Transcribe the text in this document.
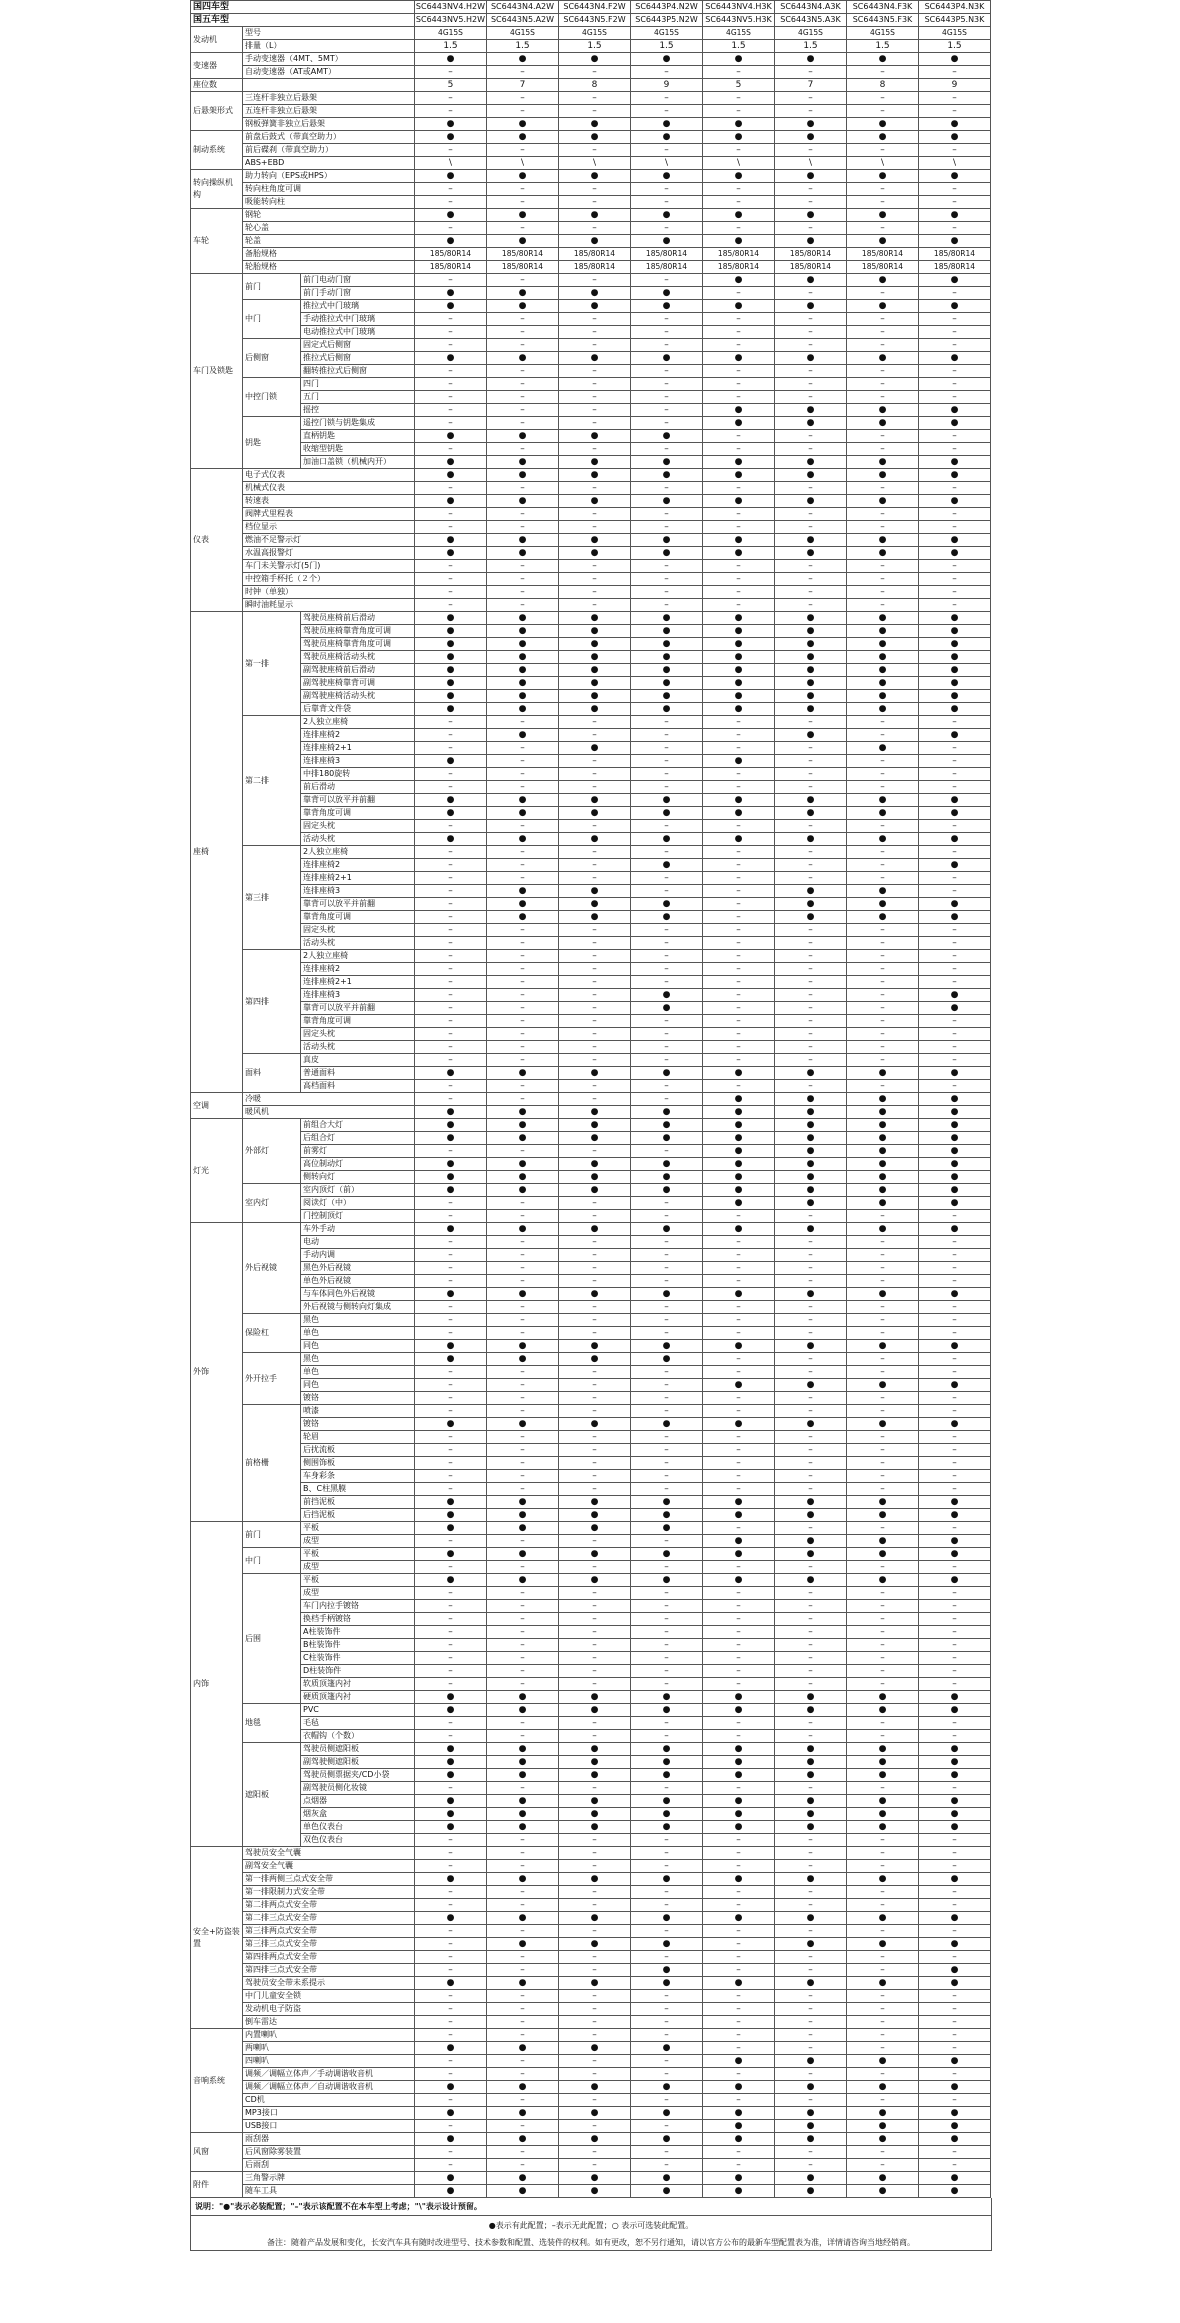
国四车型			SC6443NV4.H2W	SC6443N4.A2W	SC6443N4.F2W	SC6443P4.N2W	SC6443NV4.H3K	SC6443N4.A3K	SC6443N4.F3K	SC6443P4.N3K
国五车型			SC6443NV5.H2W	SC6443N5.A2W	SC6443N5.F2W	SC6443P5.N2W	SC6443NV5.H3K	SC6443N5.A3K	SC6443N5.F3K	SC6443P5.N3K
发动机	型号		4G15S	4G15S	4G15S	4G15S	4G15S	4G15S	4G15S	4G15S
	排量（L）		1.5	1.5	1.5	1.5	1.5	1.5	1.5	1.5
变速器	手动变速器（4MT、5MT）		●	●	●	●	●	●	●	●
	自动变速器（AT或AMT）		–	–	–	–	–	–	–	–
座位数			5	7	8	9	5	7	8	9
后悬架形式	三连杆非独立后悬架		–	–	–	–	–	–	–	–
	五连杆非独立后悬架		–	–	–	–	–	–	–	–
	钢板弹簧非独立后悬架		●	●	●	●	●	●	●	●
制动系统	前盘后鼓式（带真空助力）		●	●	●	●	●	●	●	●
	前后碟刹（带真空助力）		–	–	–	–	–	–	–	–
	ABS+EBD		\	\	\	\	\	\	\	\
转向操纵机构	助力转向（EPS或HPS）		●	●	●	●	●	●	●	●
	转向柱角度可调		–	–	–	–	–	–	–	–
	吸能转向柱		–	–	–	–	–	–	–	–
车轮	钢轮		●	●	●	●	●	●	●	●
	轮心盖		–	–	–	–	–	–	–	–
	轮盖		●	●	●	●	●	●	●	●
	备胎规格		185/80R14	185/80R14	185/80R14	185/80R14	185/80R14	185/80R14	185/80R14	185/80R14
	轮胎规格		185/80R14	185/80R14	185/80R14	185/80R14	185/80R14	185/80R14	185/80R14	185/80R14
车门及锁匙	前门	前门电动门窗	–	–	–	–	●	●	●	●
		前门手动门窗	●	●	●	●	–	–	–	–
	中门	推拉式中门玻璃	●	●	●	●	●	●	●	●
		手动推拉式中门玻璃	–	–	–	–	–	–	–	–
		电动推拉式中门玻璃	–	–	–	–	–	–	–	–
	后侧窗	固定式后侧窗	–	–	–	–	–	–	–	–
		推拉式后侧窗	●	●	●	●	●	●	●	●
		翻转推拉式后侧窗	–	–	–	–	–	–	–	–
	中控门锁	四门	–	–	–	–	–	–	–	–
		五门	–	–	–	–	–	–	–	–
		摇控	–	–	–	–	●	●	●	●
	钥匙	遥控门锁与钥匙集成	–	–	–	–	●	●	●	●
		直柄钥匙	●	●	●	●	–	–	–	–
		收缩型钥匙	–	–	–	–	–	–	–	–
		加油口盖锁（机械内开）	●	●	●	●	●	●	●	●
仪表	电子式仪表		●	●	●	●	●	●	●	●
	机械式仪表		–	–	–	–	–	–	–	–
	转速表		●	●	●	●	●	●	●	●
	阀牌式里程表		–	–	–	–	–	–	–	–
	档位显示		–	–	–	–	–	–	–	–
	燃油不足警示灯		●	●	●	●	●	●	●	●
	水温高报警灯		●	●	●	●	●	●	●	●
	车门未关警示灯(5门)		–	–	–	–	–	–	–	–
	中控箱手杯托（２个）		–	–	–	–	–	–	–	–
	时钟（单独）		–	–	–	–	–	–	–	–
	瞬时油耗显示		–	–	–	–	–	–	–	–
座椅	第一排	驾驶员座椅前后滑动	●	●	●	●	●	●	●	●
		驾驶员座椅靠背角度可调	●	●	●	●	●	●	●	●
		驾驶员座椅靠背角度可调	●	●	●	●	●	●	●	●
		驾驶员座椅活动头枕	●	●	●	●	●	●	●	●
		副驾驶座椅前后滑动	●	●	●	●	●	●	●	●
		副驾驶座椅靠背可调	●	●	●	●	●	●	●	●
		副驾驶座椅活动头枕	●	●	●	●	●	●	●	●
		后靠背文件袋	●	●	●	●	●	●	●	●
	第二排	2人独立座椅	–	–	–	–	–	–	–	–
		连排座椅2	–	●	–	–	–	●	–	●
		连排座椅2+1	–	–	●	–	–	–	●	–
		连排座椅3	●	–	–	–	●	–	–	–
		中排180旋转	–	–	–	–	–	–	–	–
		前后滑动	–	–	–	–	–	–	–	–
		靠背可以放平并前翻	●	●	●	●	●	●	●	●
		靠背角度可调	●	●	●	●	●	●	●	●
		固定头枕	–	–	–	–	–	–	–	–
		活动头枕	●	●	●	●	●	●	●	●
	第三排	2人独立座椅	–	–	–	–	–	–	–	–
		连排座椅2	–	–	–	●	–	–	–	●
		连排座椅2+1	–	–	–	–	–	–	–	–
		连排座椅3	–	●	●	–	–	●	●	–
		靠背可以放平并前翻	–	●	●	●	–	●	●	●
		靠背角度可调	–	●	●	●	–	●	●	●
		固定头枕	–	–	–	–	–	–	–	–
		活动头枕	–	–	–	–	–	–	–	–
	第四排	2人独立座椅	–	–	–	–	–	–	–	–
		连排座椅2	–	–	–	–	–	–	–	–
		连排座椅2+1	–	–	–	–	–	–	–	–
		连排座椅3	–	–	–	●	–	–	–	●
		靠背可以放平并前翻	–	–	–	●	–	–	–	●
		靠背角度可调	–	–	–	–	–	–	–	–
		固定头枕	–	–	–	–	–	–	–	–
		活动头枕	–	–	–	–	–	–	–	–
	面料	真皮	–	–	–	–	–	–	–	–
		普通面料	●	●	●	●	●	●	●	●
		高档面料	–	–	–	–	–	–	–	–
空调	冷暖		–	–	–	–	●	●	●	●
	暖风机		●	●	●	●	●	●	●	●
灯光	外部灯	前组合大灯	●	●	●	●	●	●	●	●
		后组合灯	●	●	●	●	●	●	●	●
		前雾灯	–	–	–	–	●	●	●	●
		高位制动灯	●	●	●	●	●	●	●	●
		侧转向灯	●	●	●	●	●	●	●	●
	室内灯	室内顶灯（前）	●	●	●	●	●	●	●	●
		阅读灯（中）	–	–	–	–	●	●	●	●
		门控制顶灯	–	–	–	–	–	–	–	–
外饰	外后视镜	车外手动	●	●	●	●	●	●	●	●
		电动	–	–	–	–	–	–	–	–
		手动内调	–	–	–	–	–	–	–	–
		黑色外后视镜	–	–	–	–	–	–	–	–
		单色外后视镜	–	–	–	–	–	–	–	–
		与车体同色外后视镜	●	●	●	●	●	●	●	●
		外后视镜与侧转向灯集成	–	–	–	–	–	–	–	–
	保险杠	黑色	–	–	–	–	–	–	–	–
		单色	–	–	–	–	–	–	–	–
		同色	●	●	●	●	●	●	●	●
	外开拉手	黑色	●	●	●	●	–	–	–	–
		单色	–	–	–	–	–	–	–	–
		同色	–	–	–	–	●	●	●	●
		镀铬	–	–	–	–	–	–	–	–
	前格栅	喷漆	–	–	–	–	–	–	–	–
		镀铬	●	●	●	●	●	●	●	●
		轮眉	–	–	–	–	–	–	–	–
		后扰流板	–	–	–	–	–	–	–	–
		侧围饰板	–	–	–	–	–	–	–	–
		车身彩条	–	–	–	–	–	–	–	–
		B、C柱黑膜	–	–	–	–	–	–	–	–
		前挡泥板	●	●	●	●	●	●	●	●
		后挡泥板	●	●	●	●	●	●	●	●
内饰	前门	平板	●	●	●	●	–	–	–	–
		成型	–	–	–	–	●	●	●	●
	中门	平板	●	●	●	●	●	●	●	●
		成型	–	–	–	–	–	–	–	–
	后围	平板	●	●	●	●	●	●	●	●
		成型	–	–	–	–	–	–	–	–
		车门内拉手镀铬	–	–	–	–	–	–	–	–
		换档手柄镀铬	–	–	–	–	–	–	–	–
		A柱装饰件	–	–	–	–	–	–	–	–
		B柱装饰件	–	–	–	–	–	–	–	–
		C柱装饰件	–	–	–	–	–	–	–	–
		D柱装饰件	–	–	–	–	–	–	–	–
		软质顶篷内衬	–	–	–	–	–	–	–	–
		硬质顶篷内衬	●	●	●	●	●	●	●	●
	地毯	PVC	●	●	●	●	●	●	●	●
		毛毡	–	–	–	–	–	–	–	–
		衣帽钩（个数）	–	–	–	–	–	–	–	–
	遮阳板	驾驶员侧遮阳板	●	●	●	●	●	●	●	●
		副驾驶侧遮阳板	●	●	●	●	●	●	●	●
		驾驶员侧票据夹/CD小袋	●	●	●	●	●	●	●	●
		副驾驶员侧化妆镜	–	–	–	–	–	–	–	–
		点烟器	●	●	●	●	●	●	●	●
		烟灰盒	●	●	●	●	●	●	●	●
		单色仪表台	●	●	●	●	●	●	●	●
		双色仪表台	–	–	–	–	–	–	–	–
安全+防盗装置	驾驶员安全气囊		–	–	–	–	–	–	–	–
	副驾安全气囊		–	–	–	–	–	–	–	–
	第一排两侧三点式安全带		●	●	●	●	●	●	●	●
	第一排限制力式安全带		–	–	–	–	–	–	–	–
	第二排两点式安全带		–	–	–	–	–	–	–	–
	第二排三点式安全带		●	●	●	●	●	●	●	●
	第三排两点式安全带		–	–	–	–	–	–	–	–
	第三排三点式安全带		–	●	●	●	–	●	●	●
	第四排两点式安全带		–	–	–	–	–	–	–	–
	第四排三点式安全带		–	–	–	●	–	–	–	●
	驾驶员安全带未系提示		●	●	●	●	●	●	●	●
	中门儿童安全锁		–	–	–	–	–	–	–	–
	发动机电子防盗		–	–	–	–	–	–	–	–
	倒车雷达		–	–	–	–	–	–	–	–
音响系统	内置喇叭		–	–	–	–	–	–	–	–
	两喇叭		●	●	●	●	–	–	–	–
	四喇叭		–	–	–	–	●	●	●	●
	调频／调幅立体声／手动调谐收音机		–	–	–	–	–	–	–	–
	调频／调幅立体声／自动调谐收音机		●	●	●	●	●	●	●	●
	CD机		–	–	–	–	–	–	–	–
	MP3接口		●	●	●	●	●	●	●	●
	USB接口		–	–	–	–	●	●	●	●
风窗	雨刮器		●	●	●	●	●	●	●	●
	后风窗除雾装置		–	–	–	–	–	–	–	–
	后雨刮		–	–	–	–	–	–	–	–
附件	三角警示牌		●	●	●	●	●	●	●	●
	随车工具		●	●	●	●	●	●	●	●
说明："●"表示必装配置；"–"表示该配置不在本车型上考虑；"\"表示设计预留。
●表示有此配置；–表示无此配置；○ 表示可选装此配置。
备注：随着产品发展和变化，长安汽车具有随时改进型号、技术参数和配置、选装件的权利。如有更改，恕不另行通知，请以官方公布的最新车型配置表为准，详情请咨询当地经销商。
